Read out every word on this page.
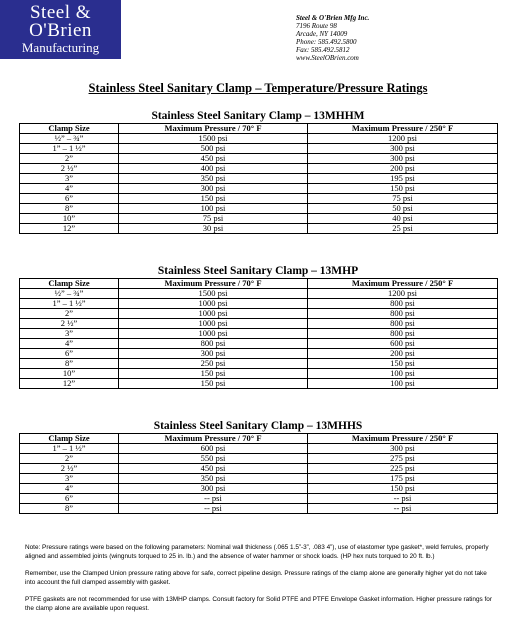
Steel &
O'Brien
Manufacturing
Steel & O'Brien Mfg Inc.
7196 Route 98
Arcade, NY 14009
Phone: 585.492.5800
Fax: 585.492.5812
www.SteelOBrien.com
Stainless Steel Sanitary Clamp – Temperature/Pressure Ratings
Stainless Steel Sanitary Clamp – 13MHHM
Clamp Size	Maximum Pressure / 70° F	Maximum Pressure / 250° F
½” – ¾”	1500 psi	1200 psi
1” – 1 ½”	500 psi	300 psi
2”	450 psi	300 psi
2 ½”	400 psi	200 psi
3”	350 psi	195 psi
4”	300 psi	150 psi
6”	150 psi	75 psi
8”	100 psi	50 psi
10”	75 psi	40 psi
12”	30 psi	25 psi
Stainless Steel Sanitary Clamp – 13MHP
Clamp Size	Maximum Pressure / 70° F	Maximum Pressure / 250° F
½” – ¾”	1500 psi	1200 psi
1” – 1 ½”	1000 psi	800 psi
2”	1000 psi	800 psi
2 ½”	1000 psi	800 psi
3”	1000 psi	800 psi
4”	800 psi	600 psi
6”	300 psi	200 psi
8”	250 psi	150 psi
10”	150 psi	100 psi
12”	150 psi	100 psi
Stainless Steel Sanitary Clamp – 13MHHS
Clamp Size	Maximum Pressure / 70° F	Maximum Pressure / 250° F
1” – 1 ½”	600 psi	300 psi
2”	550 psi	275 psi
2 ½”	450 psi	225 psi
3”	350 psi	175 psi
4”	300 psi	150 psi
6”	-- psi	-- psi
8”	-- psi	-- psi

Note: Pressure ratings were based on the following parameters: Nominal wall thickness (.065 1.5”-3”, .083 4”), use of elastomer type gasket*, weld ferrules, properly aligned and assembled joints (wingnuts torqued to 25 in. lb.) and the absence of water hammer or shock loads. (HP hex nuts torqued to 20 ft. lb.)

Remember, use the Clamped Union pressure rating above for safe, correct pipeline design. Pressure ratings of the clamp alone are generally higher yet do not take into account the full clamped assembly with gasket.

PTFE gaskets are not recommended for use with 13MHP clamps. Consult factory for Solid PTFE and PTFE Envelope Gasket information. Higher pressure ratings for the clamp alone are available upon request.
